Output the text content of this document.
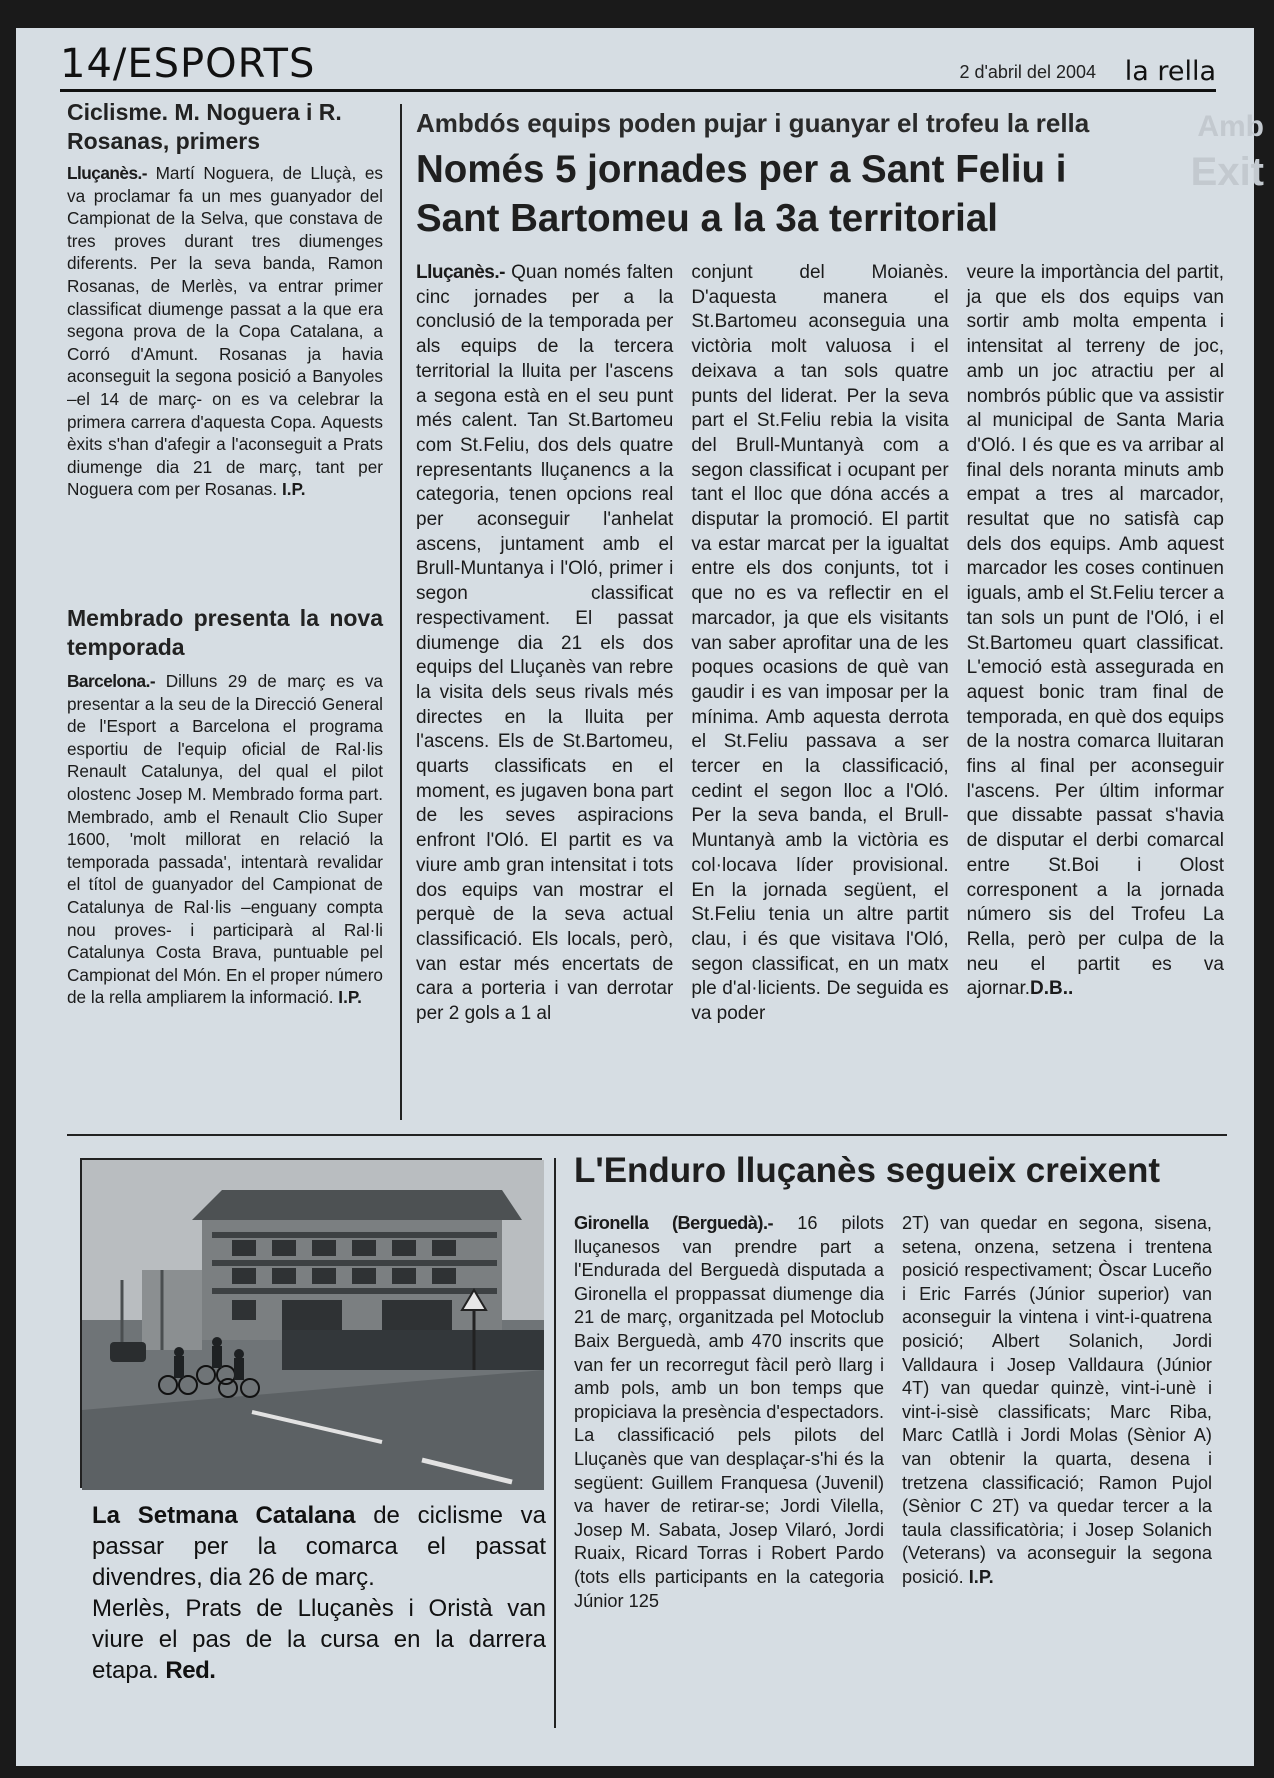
Amb
Exit
14/ESPORTS	2 d'abril del 2004 la rella
Ciclisme. M. Noguera i R. Rosanas, primers
Lluçanès.- Martí Noguera, de Lluçà, es va proclamar fa un mes guanyador del Campionat de la Selva, que constava de tres proves durant tres diumenges diferents. Per la seva banda, Ramon Rosanas, de Merlès, va entrar primer classificat diumenge passat a la que era segona prova de la Copa Catalana, a Corró d'Amunt. Rosanas ja havia aconseguit la segona posició a Banyoles –el 14 de març- on es va celebrar la primera carrera d'aquesta Copa. Aquests èxits s'han d'afegir a l'aconseguit a Prats diumenge dia 21 de març, tant per Noguera com per Rosanas. I.P.
Membrado presenta la nova temporada
Barcelona.- Dilluns 29 de març es va presentar a la seu de la Direcció General de l'Esport a Barcelona el programa esportiu de l'equip oficial de Ral·lis Renault Catalunya, del qual el pilot olostenc Josep M. Membrado forma part. Membrado, amb el Renault Clio Super 1600, 'molt millorat en relació la temporada passada', intentarà revalidar el títol de guanyador del Campionat de Catalunya de Ral·lis –enguany compta nou proves- i participarà al Ral·li Catalunya Costa Brava, puntuable pel Campionat del Món. En el proper número de la rella ampliarem la informació. I.P.
Ambdós equips poden pujar i guanyar el trofeu la rella
Només 5 jornades per a Sant Feliu i Sant Bartomeu a la 3a territorial
Lluçanès.- Quan només falten cinc jornades per a la conclusió de la temporada per als equips de la tercera territorial la lluita per l'ascens a segona està en el seu punt més calent. Tan St.Bartomeu com St.Feliu, dos dels quatre representants lluçanencs a la categoria, tenen opcions real per aconseguir l'anhelat ascens, juntament amb el Brull-Muntanya i l'Oló, primer i segon classificat respectivament. El passat diumenge dia 21 els dos equips del Lluçanès van rebre la visita dels seus rivals més directes en la lluita per l'ascens. Els de St.Bartomeu, quarts classificats en el moment, es jugaven bona part de les seves aspiracions enfront l'Oló. El partit es va viure amb gran intensitat i tots dos equips van mostrar el perquè de la seva actual classificació. Els locals, però, van estar més encertats de cara a porteria i van derrotar per 2 gols a 1 al
conjunt del Moianès. D'aquesta manera el St.Bartomeu aconseguia una victòria molt valuosa i el deixava a tan sols quatre punts del liderat. Per la seva part el St.Feliu rebia la visita del Brull-Muntanyà com a segon classificat i ocupant per tant el lloc que dóna accés a disputar la promoció. El partit va estar marcat per la igualtat entre els dos conjunts, tot i que no es va reflectir en el marcador, ja que els visitants van saber aprofitar una de les poques ocasions de què van gaudir i es van imposar per la mínima. Amb aquesta derrota el St.Feliu passava a ser tercer en la classificació, cedint el segon lloc a l'Oló. Per la seva banda, el Brull-Muntanyà amb la victòria es col·locava líder provisional. En la jornada següent, el St.Feliu tenia un altre partit clau, i és que visitava l'Oló, segon classificat, en un matx ple d'al·licients. De seguida es va poder
veure la importància del partit, ja que els dos equips van sortir amb molta empenta i intensitat al terreny de joc, amb un joc atractiu per al nombrós públic que va assistir al municipal de Santa Maria d'Oló. I és que es va arribar al final dels noranta minuts amb empat a tres al marcador, resultat que no satisfà cap dels dos equips. Amb aquest marcador les coses continuen iguals, amb el St.Feliu tercer a tan sols un punt de l'Oló, i el St.Bartomeu quart classificat. L'emoció està assegurada en aquest bonic tram final de temporada, en què dos equips de la nostra comarca lluitaran fins al final per aconseguir l'ascens. Per últim informar que dissabte passat s'havia de disputar el derbi comarcal entre St.Boi i Olost corresponent a la jornada número sis del Trofeu La Rella, però per culpa de la neu el partit es va ajornar.D.B..
La Setmana Catalana de ciclisme va passar per la comarca el passat divendres, dia 26 de març.
Merlès, Prats de Lluçanès i Oristà van viure el pas de la cursa en la darrera etapa. Red.
L'Enduro lluçanès segueix creixent
Gironella (Berguedà).- 16 pilots lluçanesos van prendre part a l'Endurada del Berguedà disputada a Gironella el proppassat diumenge dia 21 de març, organitzada pel Motoclub Baix Berguedà, amb 470 inscrits que van fer un recorregut fàcil però llarg i amb pols, amb un bon temps que propiciava la presència d'espectadors. La classificació pels pilots del Lluçanès que van desplaçar-s'hi és la següent: Guillem Franquesa (Juvenil) va haver de retirar-se; Jordi Vilella, Josep M. Sabata, Josep Vilaró, Jordi Ruaix, Ricard Torras i Robert Pardo (tots ells participants en la categoria Júnior 125
2T) van quedar en segona, sisena, setena, onzena, setzena i trentena posició respectivament; Òscar Luceño i Eric Farrés (Júnior superior) van aconseguir la vintena i vint-i-quatrena posició; Albert Solanich, Jordi Valldaura i Josep Valldaura (Júnior 4T) van quedar quinzè, vint-i-unè i vint-i-sisè classificats; Marc Riba, Marc Catllà i Jordi Molas (Sènior A) van obtenir la quarta, desena i tretzena classificació; Ramon Pujol (Sènior C 2T) va quedar tercer a la taula classificatòria; i Josep Solanich (Veterans) va aconseguir la segona posició. I.P.
